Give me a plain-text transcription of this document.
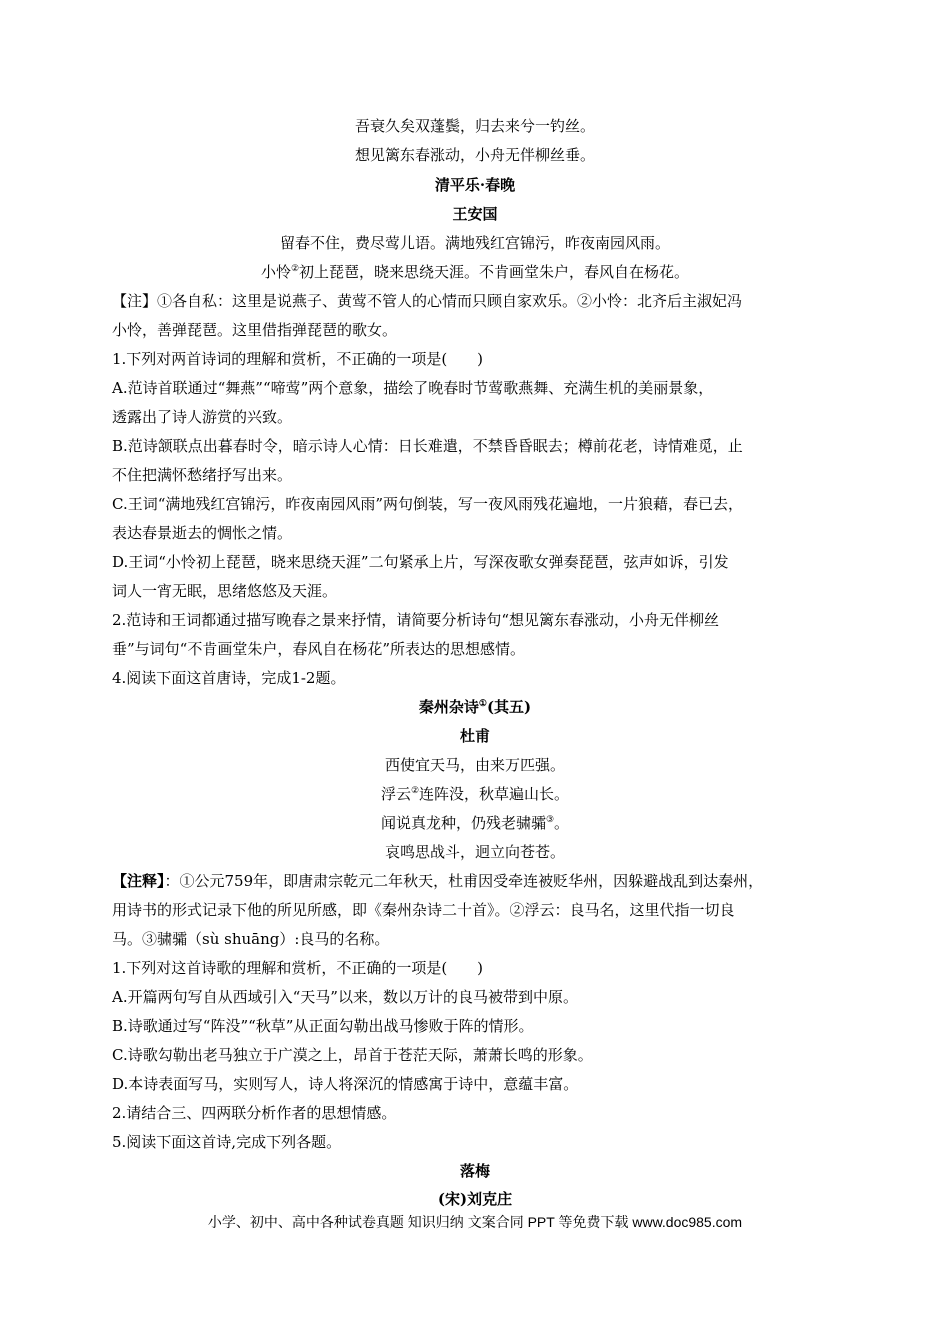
吾衰久矣双蓬鬓，归去来兮一钓丝。
想见篱东春涨动，小舟无伴柳丝垂。
清平乐·春晚
王安国
留春不住，费尽莺儿语。满地残红宫锦污，昨夜南园风雨。
小怜②初上琵琶，晓来思绕天涯。不肯画堂朱户，春风自在杨花。
【注】①各自私：这里是说燕子、黄莺不管人的心情而只顾自家欢乐。②小怜：北齐后主淑妃冯
小怜，善弹琵琶。这里借指弹琵琶的歌女。
1.下列对两首诗词的理解和赏析，不正确的一项是(　　)
A.范诗首联通过“舞燕”“啼莺”两个意象，描绘了晚春时节莺歌燕舞、充满生机的美丽景象，
透露出了诗人游赏的兴致。
B.范诗颔联点出暮春时令，暗示诗人心情：日长难遣，不禁昏昏眠去；樽前花老，诗情难觅，止
不住把满怀愁绪抒写出来。
C.王词“满地残红宫锦污，昨夜南园风雨”两句倒装，写一夜风雨残花遍地，一片狼藉，春已去，
表达春景逝去的惆怅之情。
D.王词“小怜初上琵琶，晓来思绕天涯”二句紧承上片，写深夜歌女弹奏琵琶，弦声如诉，引发
词人一宵无眠，思绪悠悠及天涯。
2.范诗和王词都通过描写晚春之景来抒情，请简要分析诗句“想见篱东春涨动，小舟无伴柳丝
垂”与词句“不肯画堂朱户，春风自在杨花”所表达的思想感情。
4.阅读下面这首唐诗，完成1-2题。
秦州杂诗①(其五)
杜甫
西使宜天马，由来万匹强。
浮云②连阵没，秋草遍山长。
闻说真龙种，仍残老骕骦③。
哀鸣思战斗，迥立向苍苍。
【注释】：①公元759年，即唐肃宗乾元二年秋天，杜甫因受牵连被贬华州，因躲避战乱到达秦州，
用诗书的形式记录下他的所见所感，即《秦州杂诗二十首》。②浮云：良马名，这里代指一切良
马。③骕骦（sù shuāng）:良马的名称。
1.下列对这首诗歌的理解和赏析，不正确的一项是(　　)
A.开篇两句写自从西域引入“天马”以来，数以万计的良马被带到中原。
B.诗歌通过写“阵没”“秋草”从正面勾勒出战马惨败于阵的情形。
C.诗歌勾勒出老马独立于广漠之上，昂首于苍茫天际，萧萧长鸣的形象。
D.本诗表面写马，实则写人，诗人将深沉的情感寓于诗中，意蕴丰富。
2.请结合三、四两联分析作者的思想情感。
5.阅读下面这首诗,完成下列各题。
落梅
(宋)刘克庄
小学、初中、高中各种试卷真题 知识归纳 文案合同 PPT 等免费下载 www.doc985.com
